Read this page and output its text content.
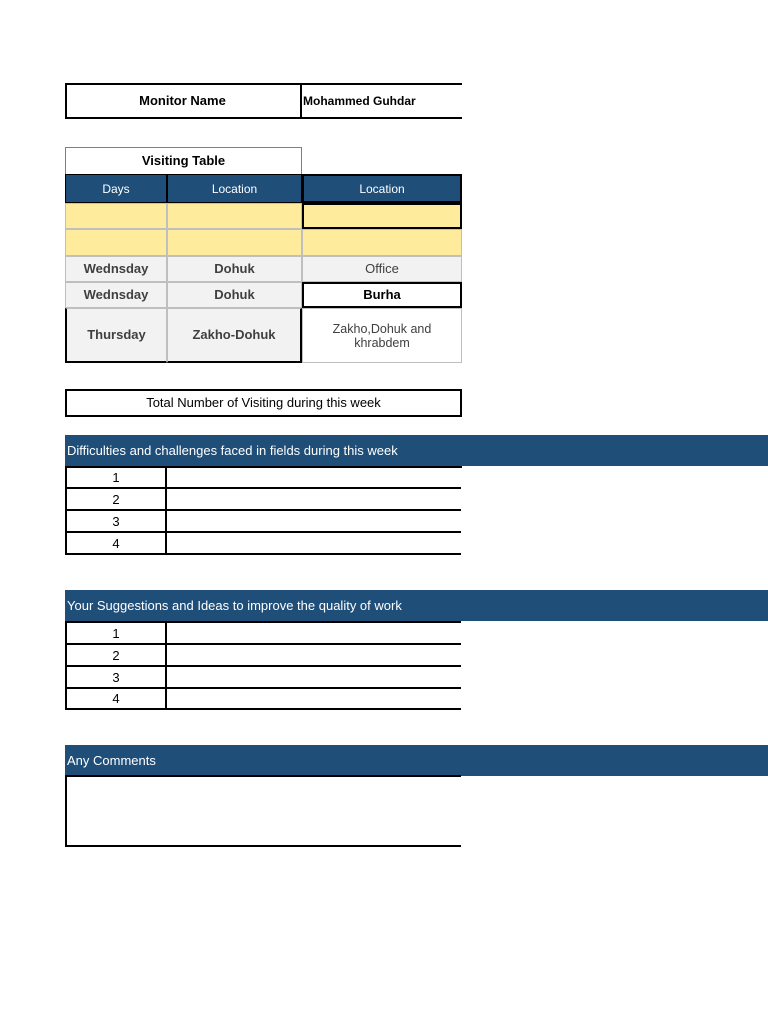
Monitor Name	Mohammed Guhdar
Visiting Table
Days	Location	Location
Wednsday	Dohuk	Office
Wednsday	Dohuk	Burha
Thursday	Zakho-Dohuk	Zakho,Dohuk and khrabdem
Total Number of Visiting during this week
Difficulties and challenges faced in fields during this week
1
2
3
4
Your Suggestions and Ideas to improve the quality of work
1
2
3
4
Any Comments
